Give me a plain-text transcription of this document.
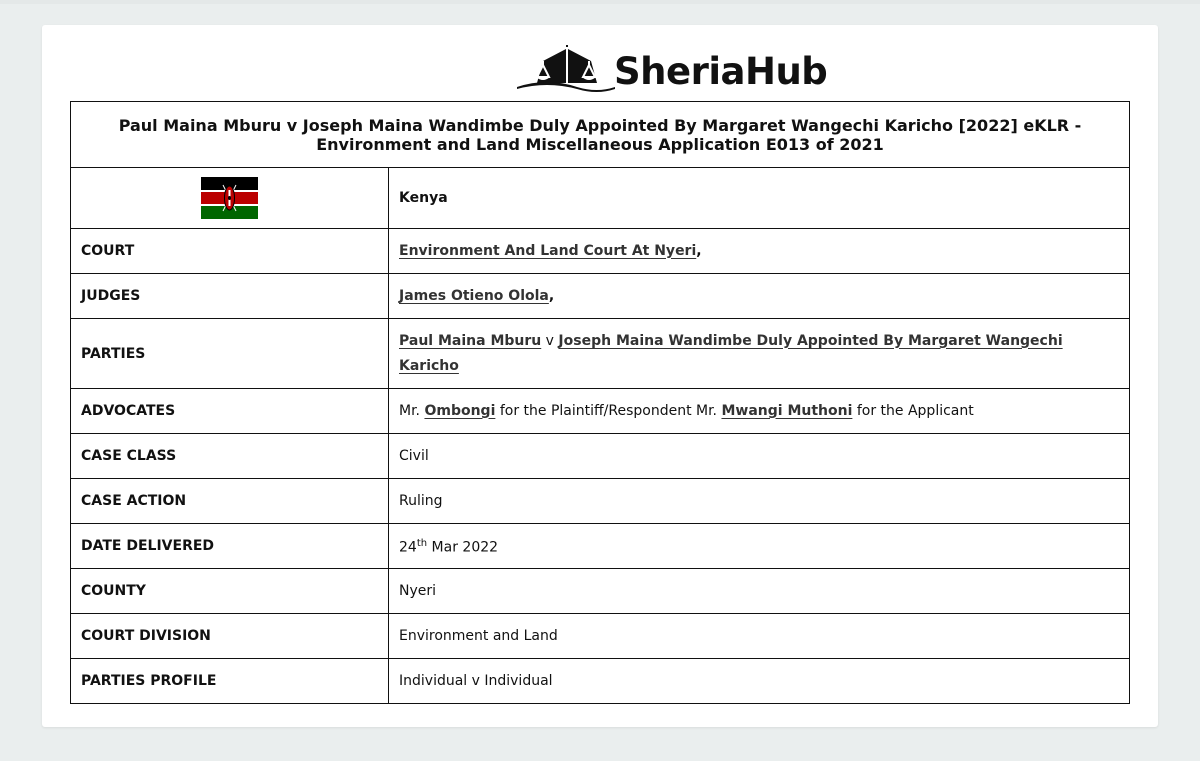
SheriaHub
Paul Maina Mburu v Joseph Maina Wandimbe Duly Appointed By Margaret Wangechi Karicho [2022] eKLR - Environment and Land Miscellaneous Application E013 of 2021	
	Kenya
COURT	Environment And Land Court At Nyeri,
JUDGES	James Otieno Olola,
PARTIES	Paul Maina Mburu v Joseph Maina Wandimbe Duly Appointed By Margaret Wangechi Karicho
ADVOCATES	Mr. Ombongi for the Plaintiff/Respondent Mr. Mwangi Muthoni for the Applicant
CASE CLASS	Civil
CASE ACTION	Ruling
DATE DELIVERED	24th Mar 2022
COUNTY	Nyeri
COURT DIVISION	Environment and Land
PARTIES PROFILE	Individual v Individual
